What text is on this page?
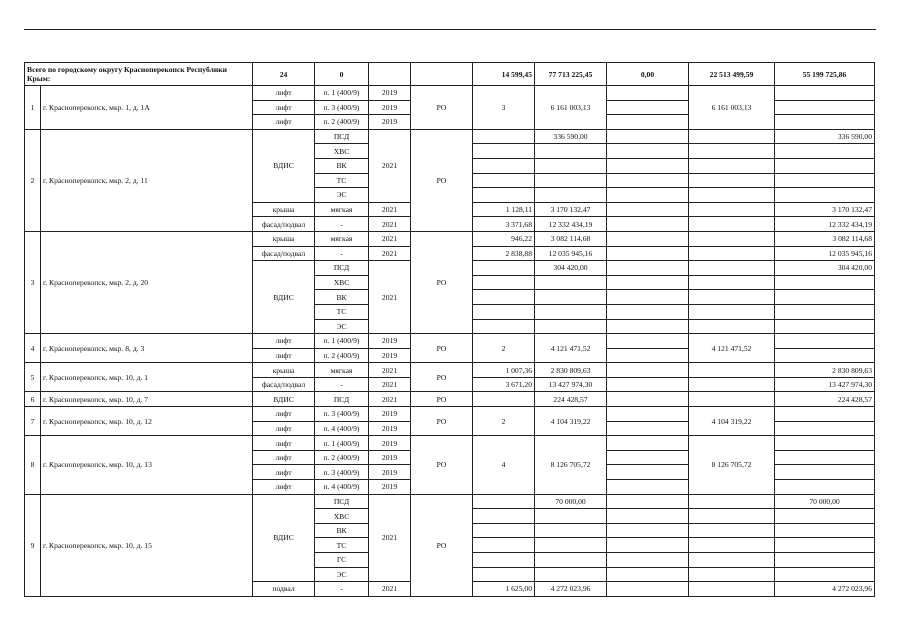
Всего по городскому округу Красноперекопск Республики Крым:		24	0			14 599,45	77 713 225,45	0,00	22 513 499,59	55 199 725,86
1	г. Красноперекопск, мкр. 1, д. 1А	лифт	п. 1 (400/9)	2019	РО	3	6 161 003,13		6 161 003,13	
		лифт	п. 3 (400/9)	2019						
		лифт	п. 2 (400/9)	2019						
2	г. Красноперекопск, мкр. 2, д. 11	ВДИС	ПСД	2021	РО		336 590,00			336 590,00
			ХВС							
			ВК							
			ТС							
			ЭС							
		крыша	мягкая	2021		1 128,11	3 170 132,47			3 170 132,47
		фасад/подвал	-	2021		3 371,68	12 332 434,19			12 332 434,19
3	г. Красноперекопск, мкр. 2, д. 20	крыша	мягкая	2021	РО	946,22	3 082 114,68			3 082 114,68
		фасад/подвал	-	2021		2 838,88	12 035 945,16			12 035 945,16
		ВДИС	ПСД	2021			304 420,00			304 420,00
			ХВС							
			ВК							
			ТС							
			ЭС							
4	г. Красноперекопск, мкр. 8, д. 3	лифт	п. 1 (400/9)	2019	РО	2	4 121 471,52		4 121 471,52	
		лифт	п. 2 (400/9)	2019						
5	г. Красноперекопск, мкр. 10, д. 1	крыша	мягкая	2021	РО	1 007,36	2 830 809,63			2 830 809,63
		фасад/подвал	-	2021		3 671,20	13 427 974,30			13 427 974,30
6	г. Красноперекопск, мкр. 10, д. 7	ВДИС	ПСД	2021	РО		224 428,57			224 428,57
7	г. Красноперекопск, мкр. 10, д. 12	лифт	п. 3 (400/9)	2019	РО	2	4 104 319,22		4 104 319,22	
		лифт	п. 4 (400/9)	2019						
8	г. Красноперекопск, мкр. 10, д. 13	лифт	п. 1 (400/9)	2019	РО	4	8 126 705,72		8 126 705,72	
		лифт	п. 2 (400/9)	2019						
		лифт	п. 3 (400/9)	2019						
		лифт	п. 4 (400/9)	2019						
9	г. Красноперекопск, мкр. 10, д. 15	ВДИС	ПСД	2021	РО		70 000,00			70 000,00
			ХВС							
			ВК							
			ТС							
			ГС							
			ЭС							
		подвал	-	2021		1 625,00	4 272 023,96			4 272 023,96
